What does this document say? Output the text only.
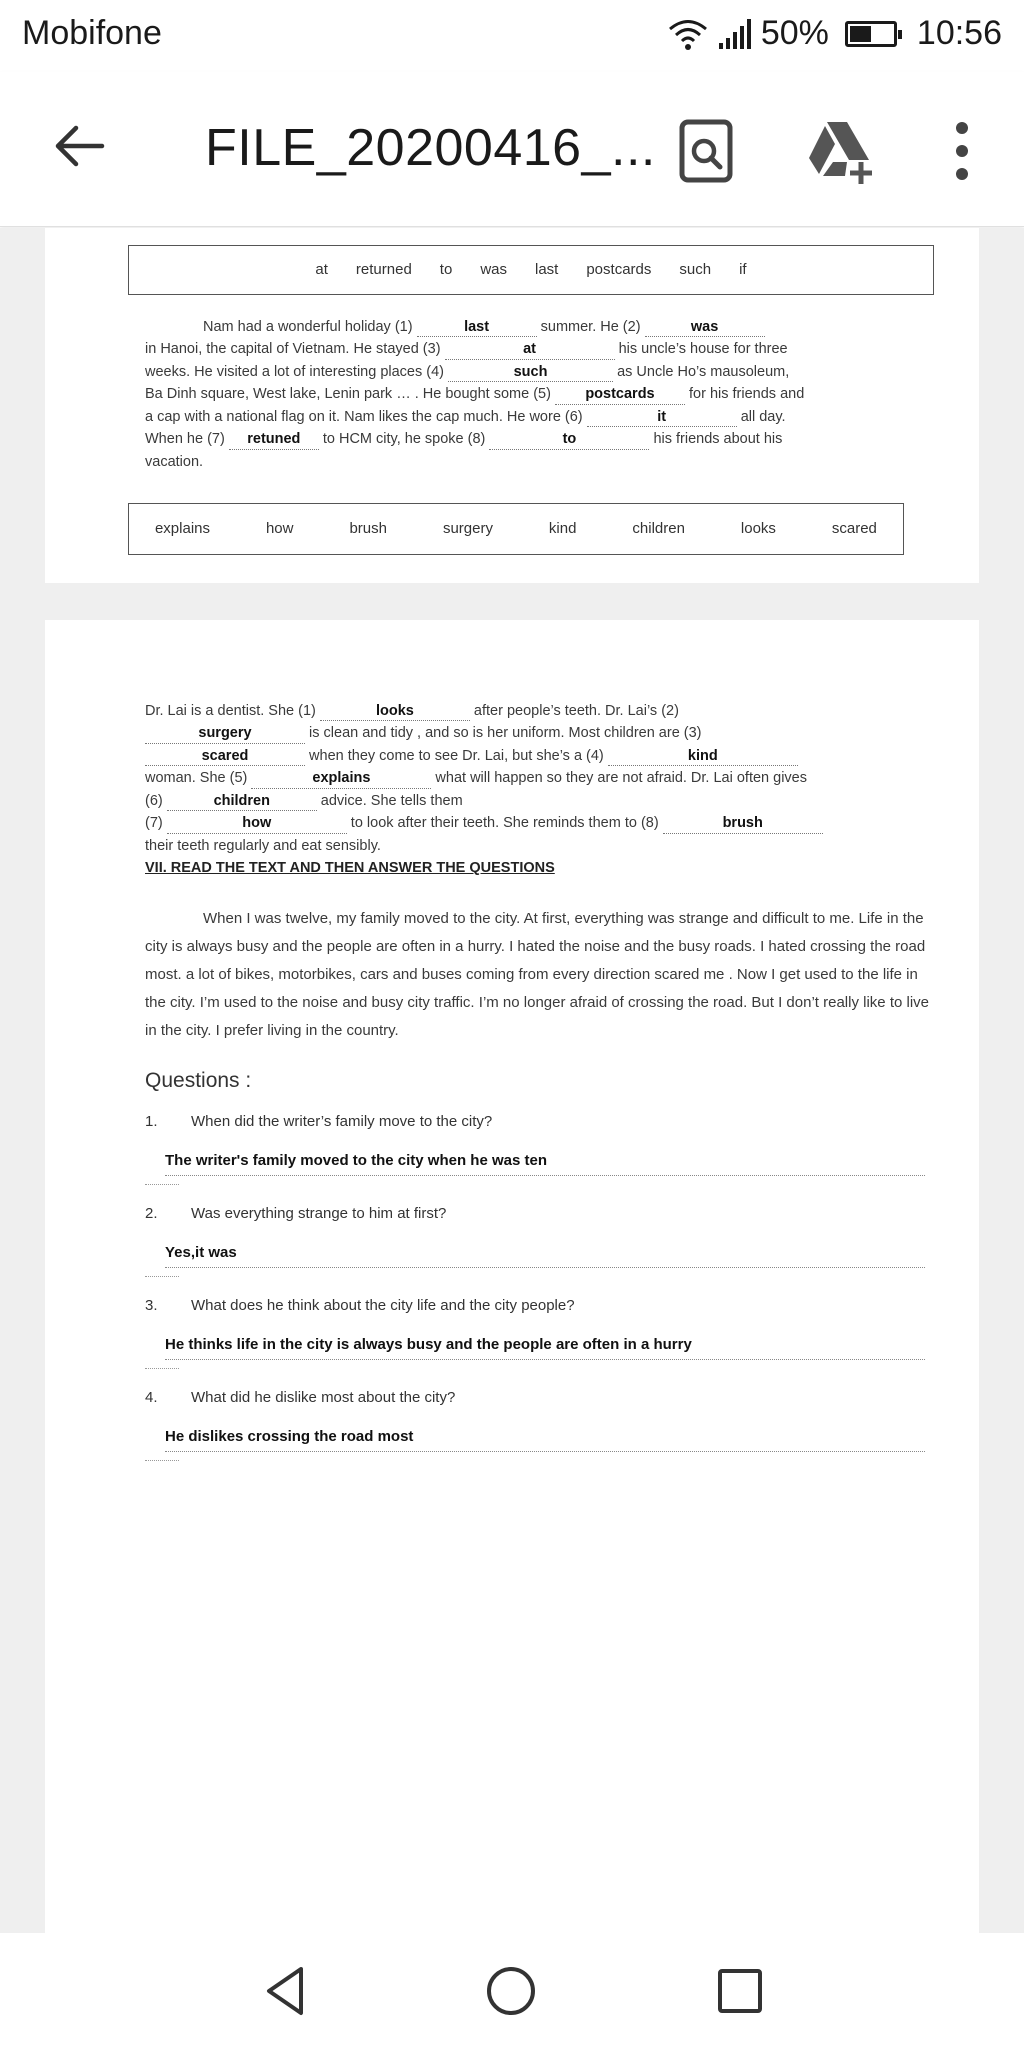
Mobifone	50%	10:56
FILE_20200416_...
at returned to was last postcards such if
Nam had a wonderful holiday (1)	last	summer. He (2)	was
in Hanoi, the capital of Vietnam. He stayed (3)	at	his uncle’s house for three
weeks. He visited a lot of interesting places (4)	such	as Uncle Ho’s mausoleum,
Ba Dinh square, West lake, Lenin park … . He bought some (5) postcards for his friends and
a cap with a national flag on it. Nam likes the cap much. He wore (6)	it	all day.
When he (7) retuned to HCM city, he spoke (8)	to	his friends about his
vacation.
explains	how	brush	surgery	kind	children	looks	scared
Dr. Lai is a dentist. She (1)	looks	after people’s teeth. Dr. Lai’s (2)
surgery	is clean and tidy , and so is her uniform. Most children are (3)
scared	when they come to see Dr. Lai, but she’s a (4)	kind
woman. She (5)	explains	what will happen so they are not afraid. Dr. Lai often gives
(6)	children	advice. She tells them
(7)	how	to look after their teeth. She reminds them to (8)	brush
their teeth regularly and eat sensibly.
VII. READ THE TEXT AND THEN ANSWER THE QUESTIONS
When I was twelve, my family moved to the city. At first, everything was strange and difficult to me. Life in the city is always busy and the people are often in a hurry. I hated the noise and the busy roads. I hated crossing the road most. a lot of bikes, motorbikes, cars and buses coming from every direction scared me . Now I get used to the life in the city. I’m used to the noise and busy city traffic. I’m no longer afraid of crossing the road. But I don’t really like to live in the city. I prefer living in the country.
Questions :
1. When did the writer’s family move to the city?
The writer's family moved to the city when he was ten
2. Was everything strange to him at first?
Yes,it was
3. What does he think about the city life and the city people?
He thinks life in the city is always busy and the people are often in a hurry
4. What did he dislike most about the city?
He dislikes crossing the road most
